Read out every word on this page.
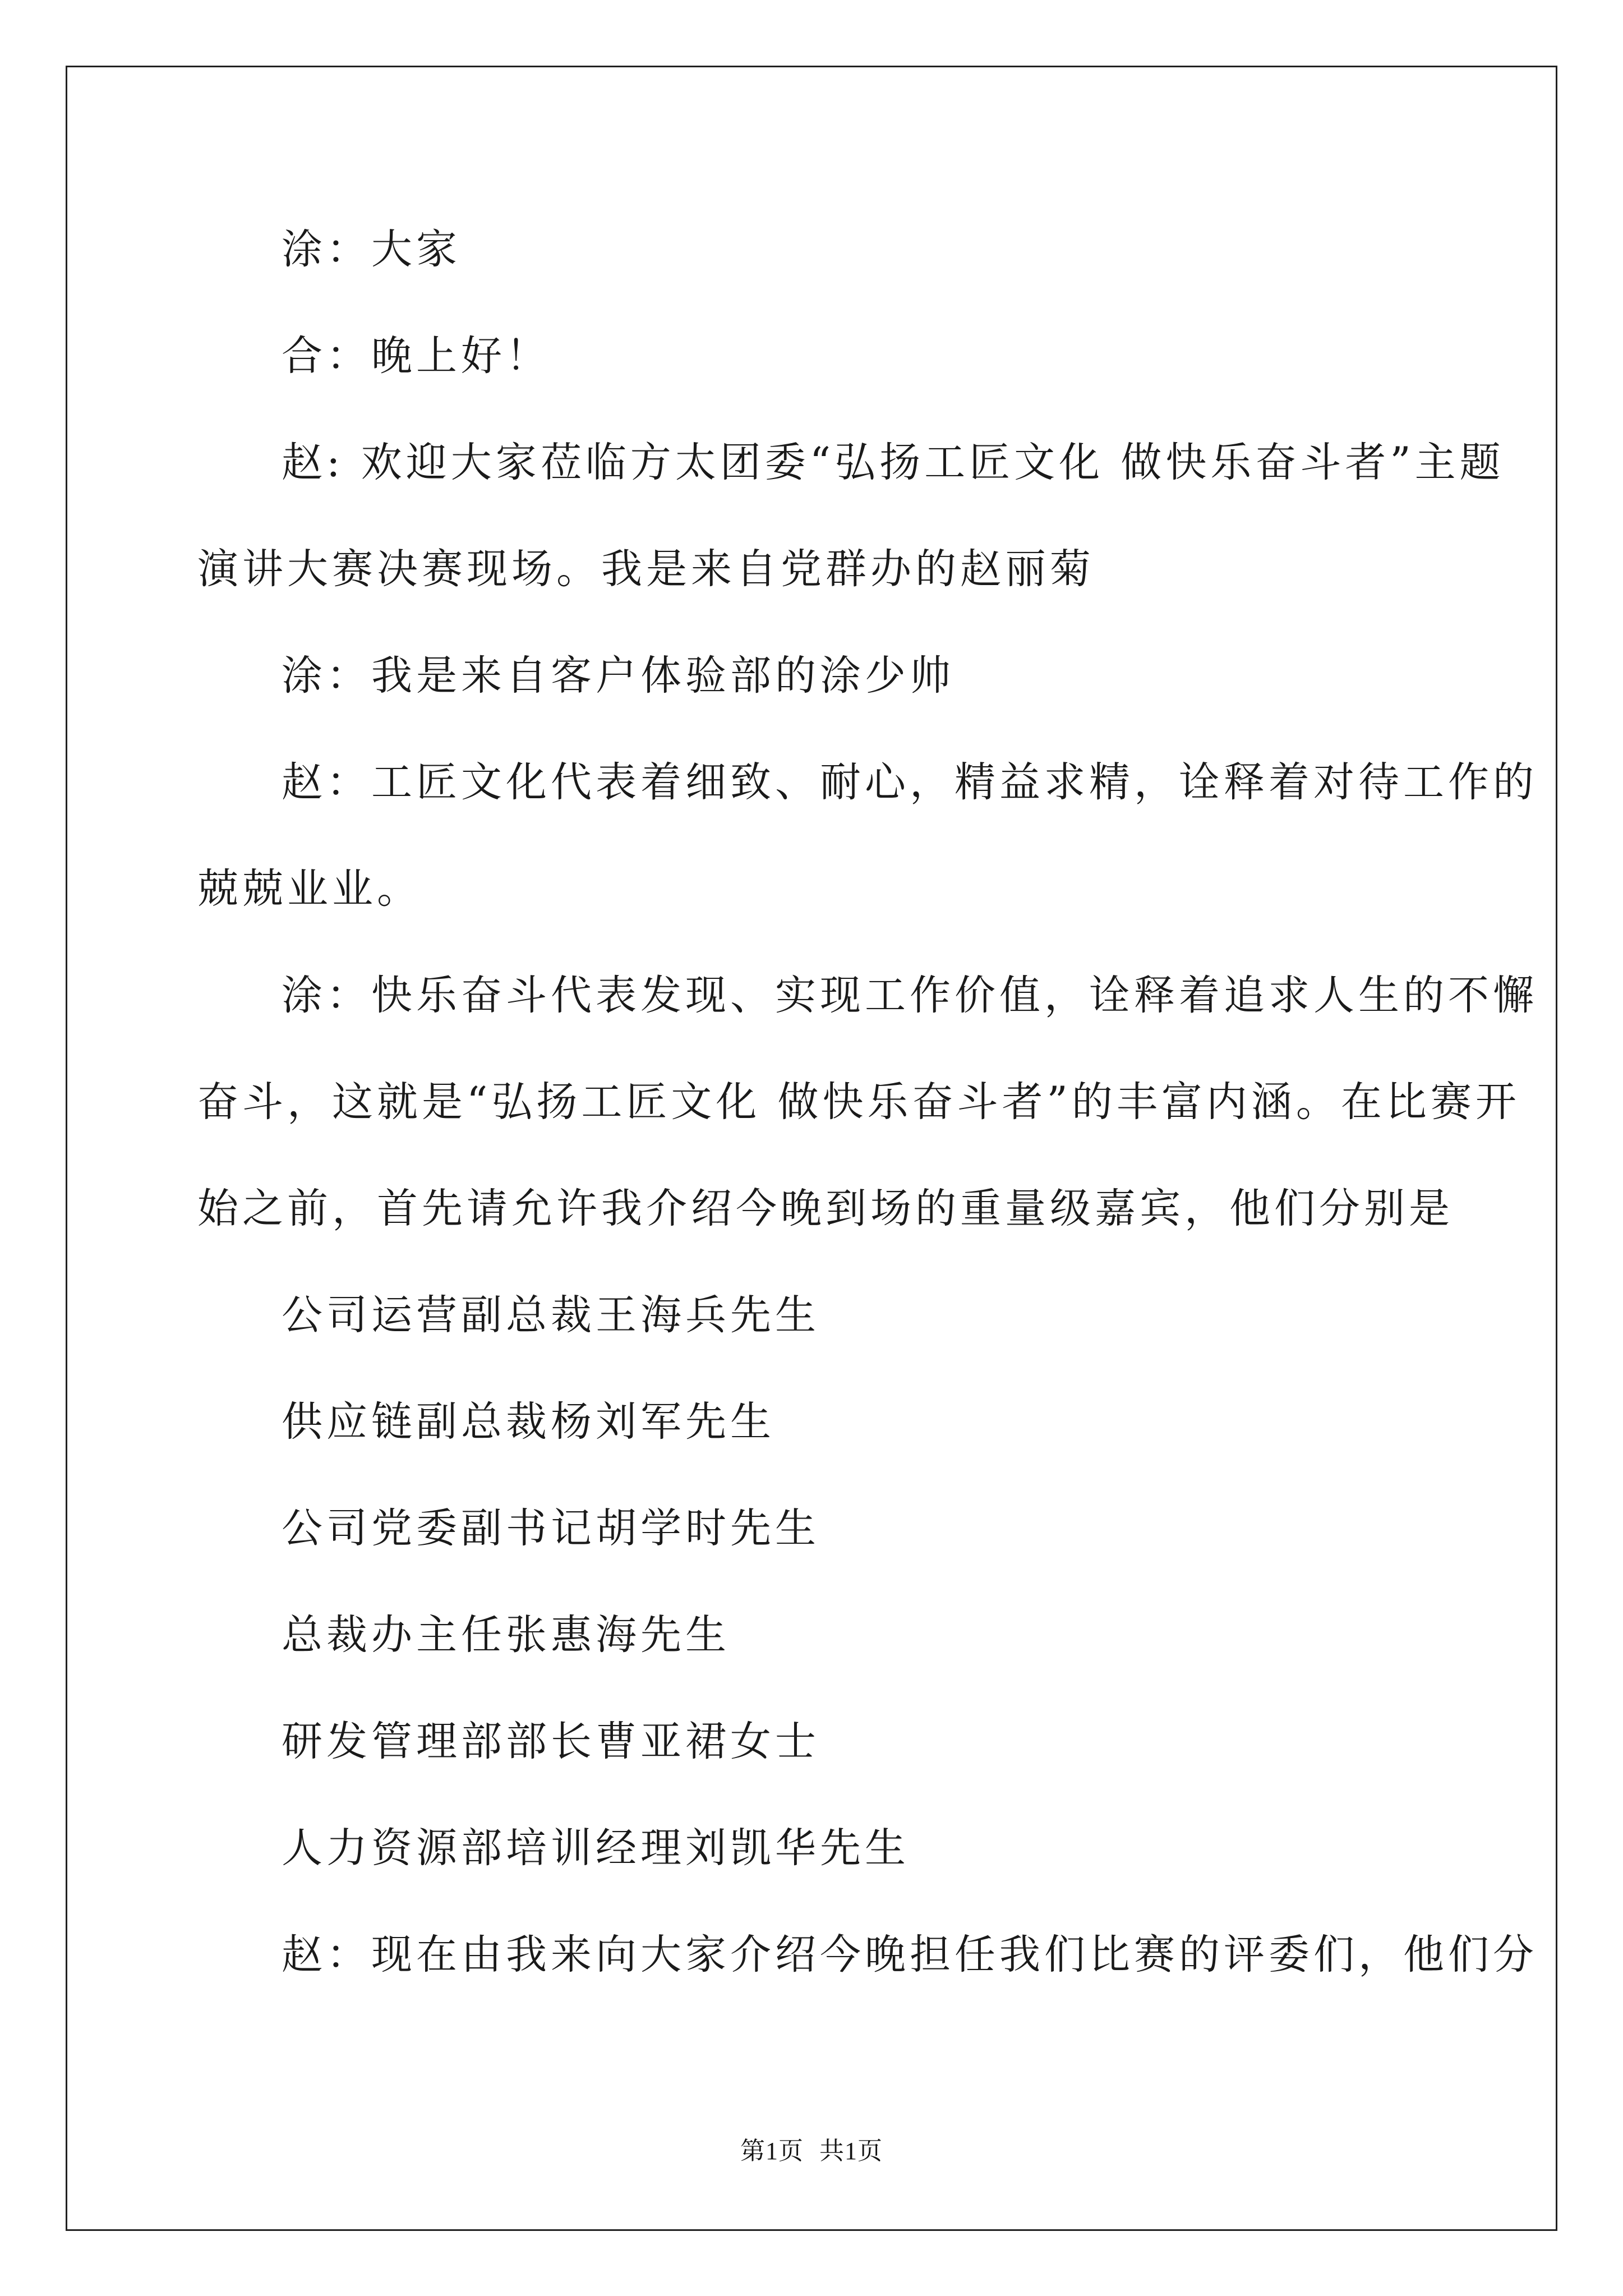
涂：大家
合：晚上好！
赵: 欢迎大家莅临方太团委“弘扬工匠文化 做快乐奋斗者”主题
演讲大赛决赛现场。我是来自党群办的赵丽菊
涂：我是来自客户体验部的涂少帅
赵：工匠文化代表着细致、耐心，精益求精，诠释着对待工作的
兢兢业业。
涂：快乐奋斗代表发现、实现工作价值，诠释着追求人生的不懈
奋斗，这就是“弘扬工匠文化 做快乐奋斗者”的丰富内涵。在比赛开
始之前，首先请允许我介绍今晚到场的重量级嘉宾，他们分别是
公司运营副总裁王海兵先生
供应链副总裁杨刘军先生
公司党委副书记胡学时先生
总裁办主任张惠海先生
研发管理部部长曹亚裙女士
人力资源部培训经理刘凯华先生
赵：现在由我来向大家介绍今晚担任我们比赛的评委们，他们分
第1页 共1页
